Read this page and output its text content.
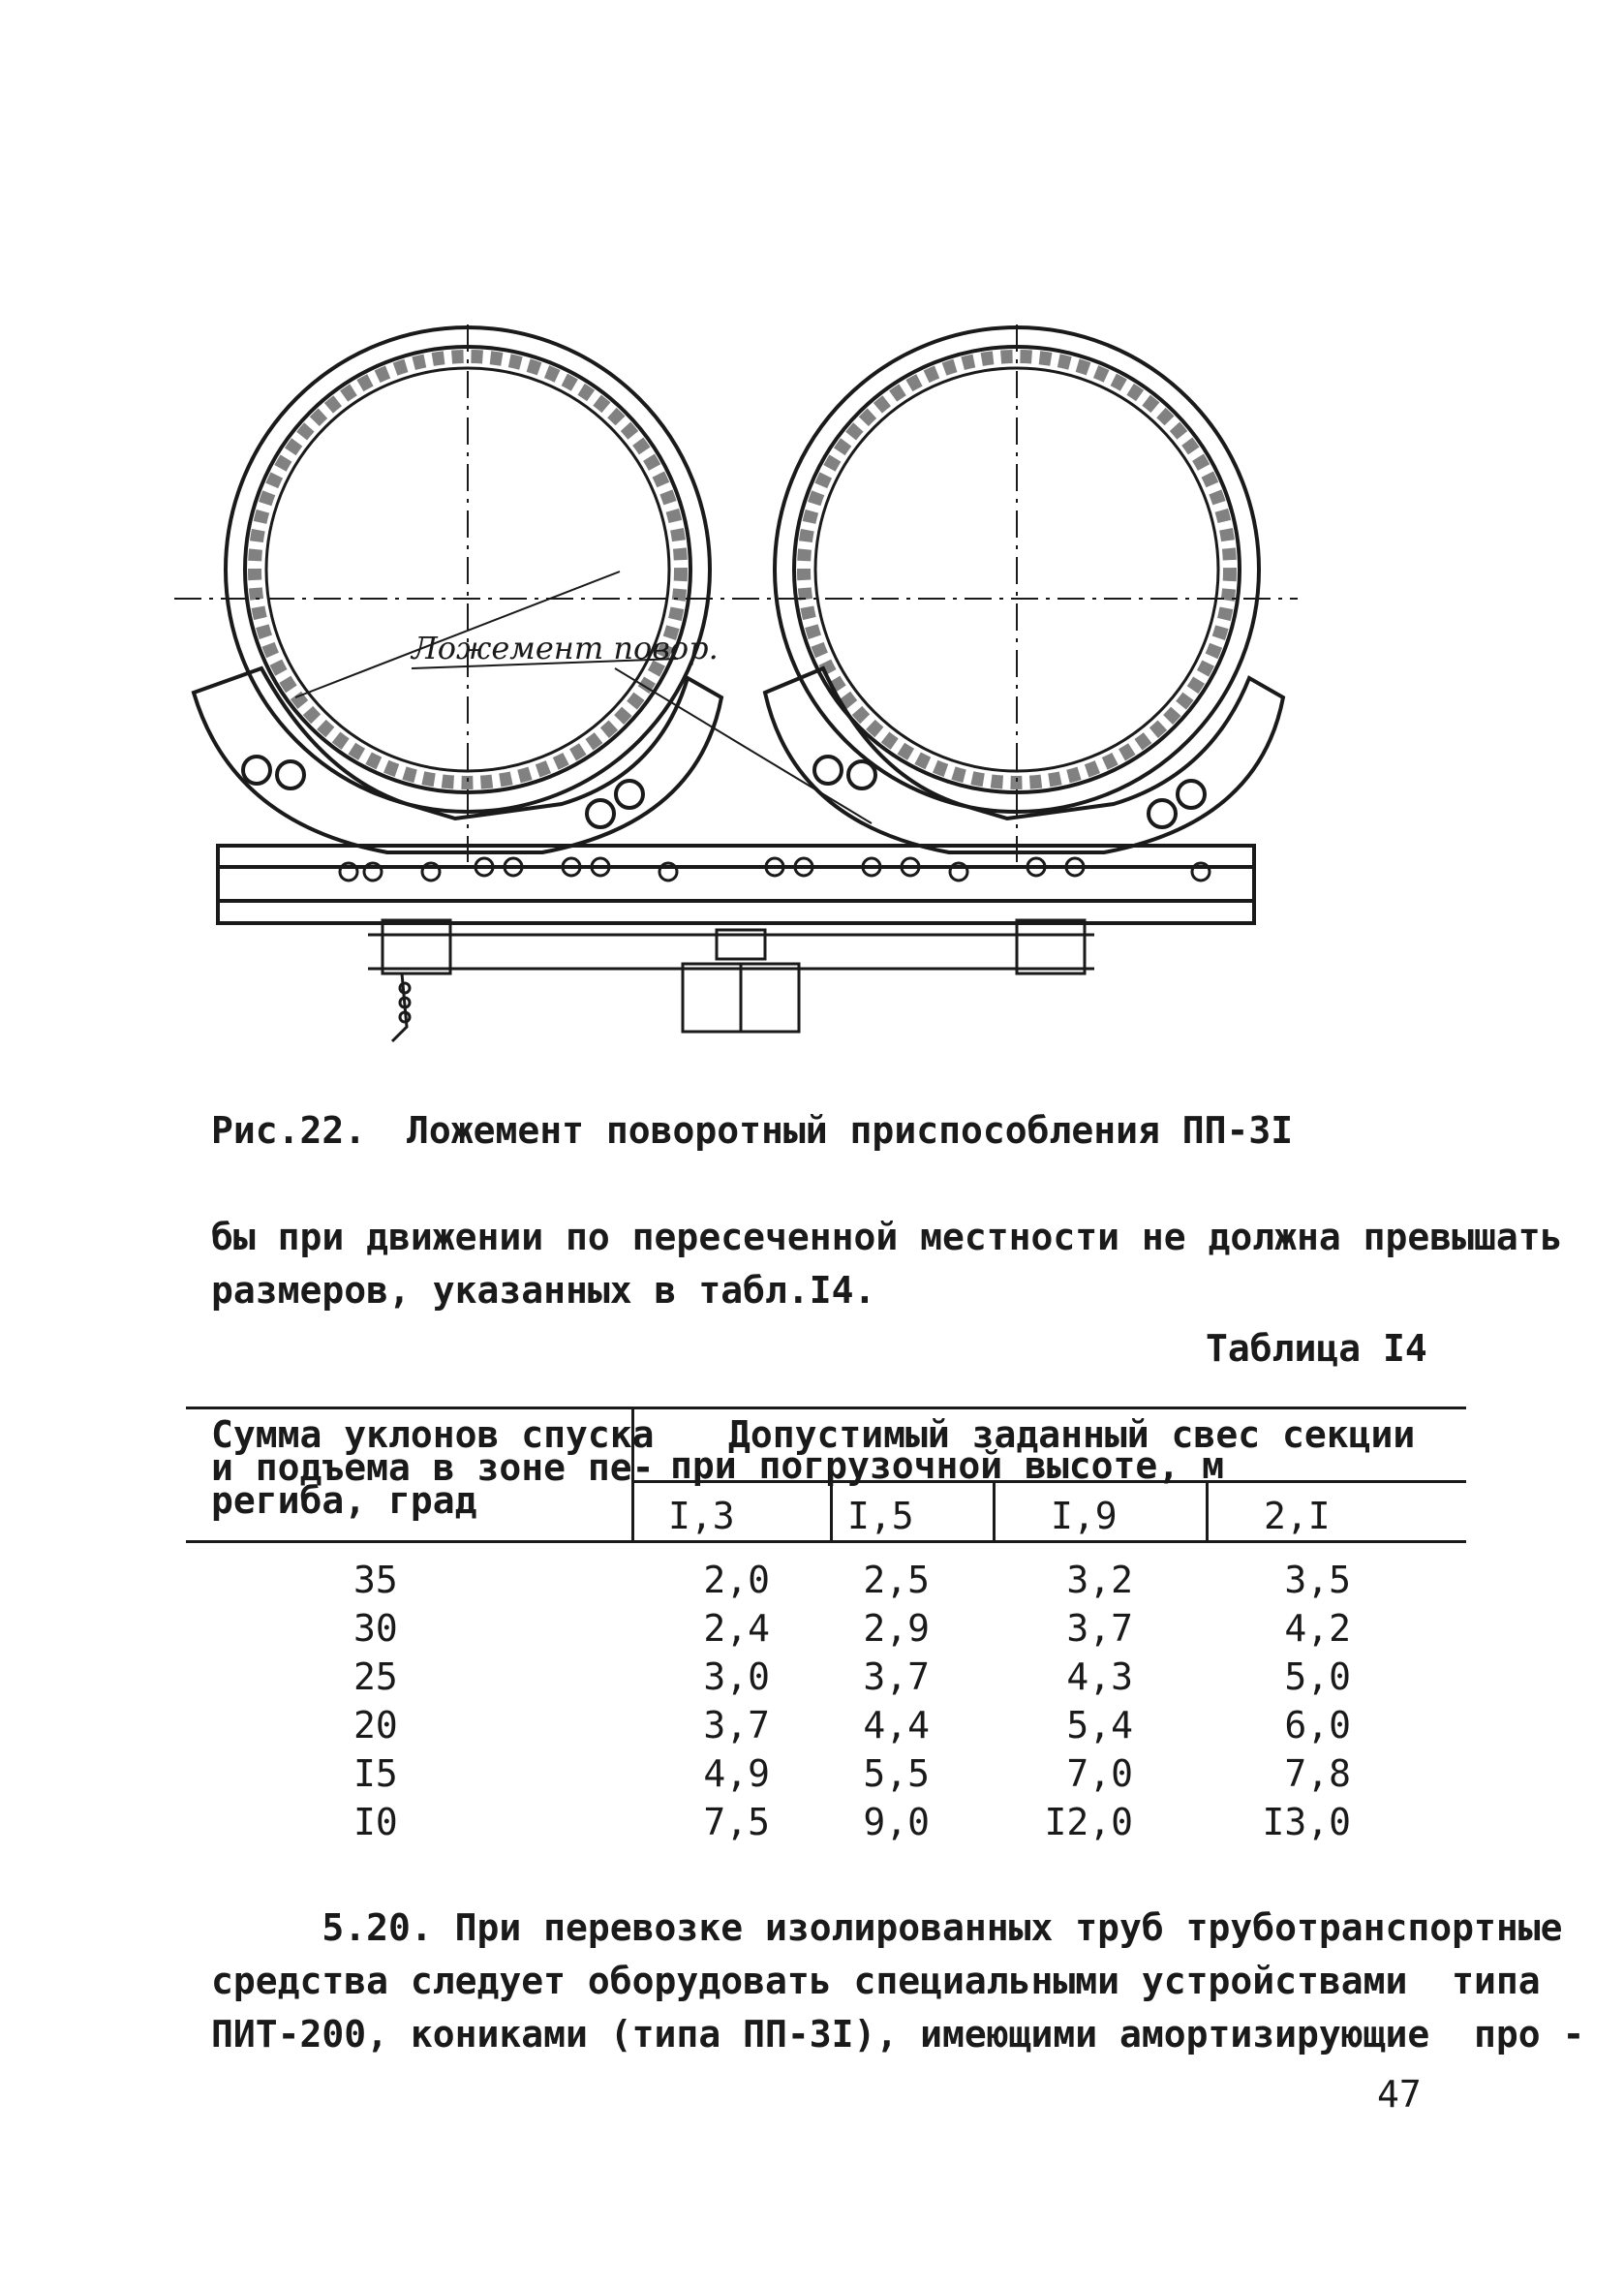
Ложемент повор.
Рис.22. Ложемент поворотный приспособления ПП-3I
бы при движении по пересеченной местности не должна превышать
размеров, указанных в табл.I4.
Таблица I4
Сумма уклонов спуска
и подъема в зоне пе-
региба, град
Допустимый заданный свес секции
при погрузочной высоте, м
I,3	I,5	I,9	2,I
35	2,0	2,5	3,2	3,5
30	2,4	2,9	3,7	4,2
25	3,0	3,7	4,3	5,0
20	3,7	4,4	5,4	6,0
I5	4,9	5,5	7,0	7,8
I0	7,5	9,0	I2,0	I3,0
5.20. При перевозке изолированных труб труботранспортные
средства следует оборудовать специальными устройствами  типа
ПИТ-200, кониками (типа ПП-3I), имеющими амортизирующие  про -
47
